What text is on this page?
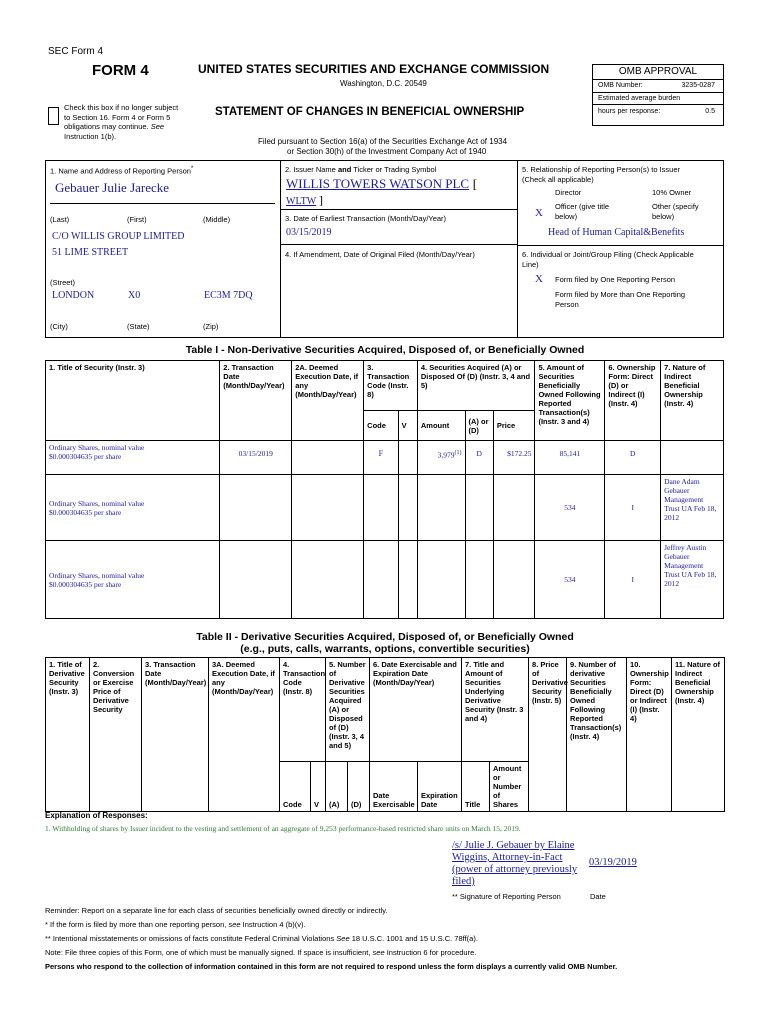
SEC Form 4
FORM 4	UNITED STATES SECURITIES AND EXCHANGE COMMISSION
Washington, D.C. 20549
Check this box if no longer subject
to Section 16. Form 4 or Form 5
obligations may continue. See
Instruction 1(b).
STATEMENT OF CHANGES IN BENEFICIAL OWNERSHIP
Filed pursuant to Section 16(a) of the Securities Exchange Act of 1934
or Section 30(h) of the Investment Company Act of 1940
OMB APPROVAL
OMB Number:	3235-0287
Estimated average burden
hours per response:	0.5
1. Name and Address of Reporting Person*
Gebauer Julie Jarecke
(Last)	(First)	(Middle)
C/O WILLIS GROUP LIMITED
51 LIME STREET
(Street)
LONDON	X0	EC3M 7DQ
(City)	(State)	(Zip)
2. Issuer Name and Ticker or Trading Symbol
WILLIS TOWERS WATSON PLC [
WLTW ]
3. Date of Earliest Transaction (Month/Day/Year)
03/15/2019
4. If Amendment, Date of Original Filed (Month/Day/Year)
5. Relationship of Reporting Person(s) to Issuer
(Check all applicable)
Director	10% Owner
X
Officer (give title
below)
Other (specify
below)
Head of Human Capital&Benefits
6. Individual or Joint/Group Filing (Check Applicable
Line)
X Form filed by One Reporting Person
Form filed by More than One Reporting
Person
Table I - Non-Derivative Securities Acquired, Disposed of, or Beneficially Owned
1. Title of Security (Instr. 3)	2. Transaction Date (Month/Day/Year)	2A. Deemed Execution Date, if any (Month/Day/Year)	3. Transaction Code (Instr. 8)		4. Securities Acquired (A) or Disposed Of (D) (Instr. 3, 4 and 5)			5. Amount of Securities Beneficially Owned Following Reported Transaction(s) (Instr. 3 and 4)	6. Ownership Form: Direct (D) or Indirect (I) (Instr. 4)	7. Nature of Indirect Beneficial Ownership (Instr. 4)
			Code	V	Amount	(A) or (D)	Price			

Ordinary Shares, nominal value
$0.000304635 per share	03/15/2019		F		3,979$^{(1)}$	D	$172.25	85,141	D	

Ordinary Shares, nominal value
$0.000304635 per share								534	I	Dane Adam Gebauer Management Trust UA Feb 18, 2012

Ordinary Shares, nominal value
$0.000304635 per share								534	I	Jeffrey Austin Gebauer Management Trust UA Feb 18, 2012
Table II - Derivative Securities Acquired, Disposed of, or Beneficially Owned
(e.g., puts, calls, warrants, options, convertible securities)
1. Title of Derivative Security (Instr. 3)	2. Conversion or Exercise Price of Derivative Security	3. Transaction Date (Month/Day/Year)	3A. Deemed Execution Date, if any (Month/Day/Year)	4. Transaction Code (Instr. 8)		5. Number of Derivative Securities Acquired (A) or Disposed of (D) (Instr. 3, 4 and 5)		6. Date Exercisable and Expiration Date (Month/Day/Year)		7. Title and Amount of Securities Underlying Derivative Security (Instr. 3 and 4)		8. Price of Derivative Security (Instr. 5)	9. Number of derivative Securities Beneficially Owned Following Reported Transaction(s) (Instr. 4)	10. Ownership Form: Direct (D) or Indirect (I) (Instr. 4)	11. Nature of Indirect Beneficial Ownership (Instr. 4)
				Code	V	(A)	(D)	Date Exercisable	Expiration Date	Title	Amount or Number of Shares				
Explanation of Responses:
1. Withholding of shares by Issuer incident to the vesting and settlement of an aggregate of 9,253 performance-based restricted share units on March 15, 2019.
/s/ Julie J. Gebauer by Elaine Wiggins, Attorney-in-Fact (power of attorney previously filed)
03/19/2019
** Signature of Reporting Person	Date
Reminder: Report on a separate line for each class of securities beneficially owned directly or indirectly.
* If the form is filed by more than one reporting person, see Instruction 4 (b)(v).
** Intentional misstatements or omissions of facts constitute Federal Criminal Violations See 18 U.S.C. 1001 and 15 U.S.C. 78ff(a).
Note: File three copies of this Form, one of which must be manually signed. If space is insufficient, see Instruction 6 for procedure.
Persons who respond to the collection of information contained in this form are not required to respond unless the form displays a currently valid OMB Number.
